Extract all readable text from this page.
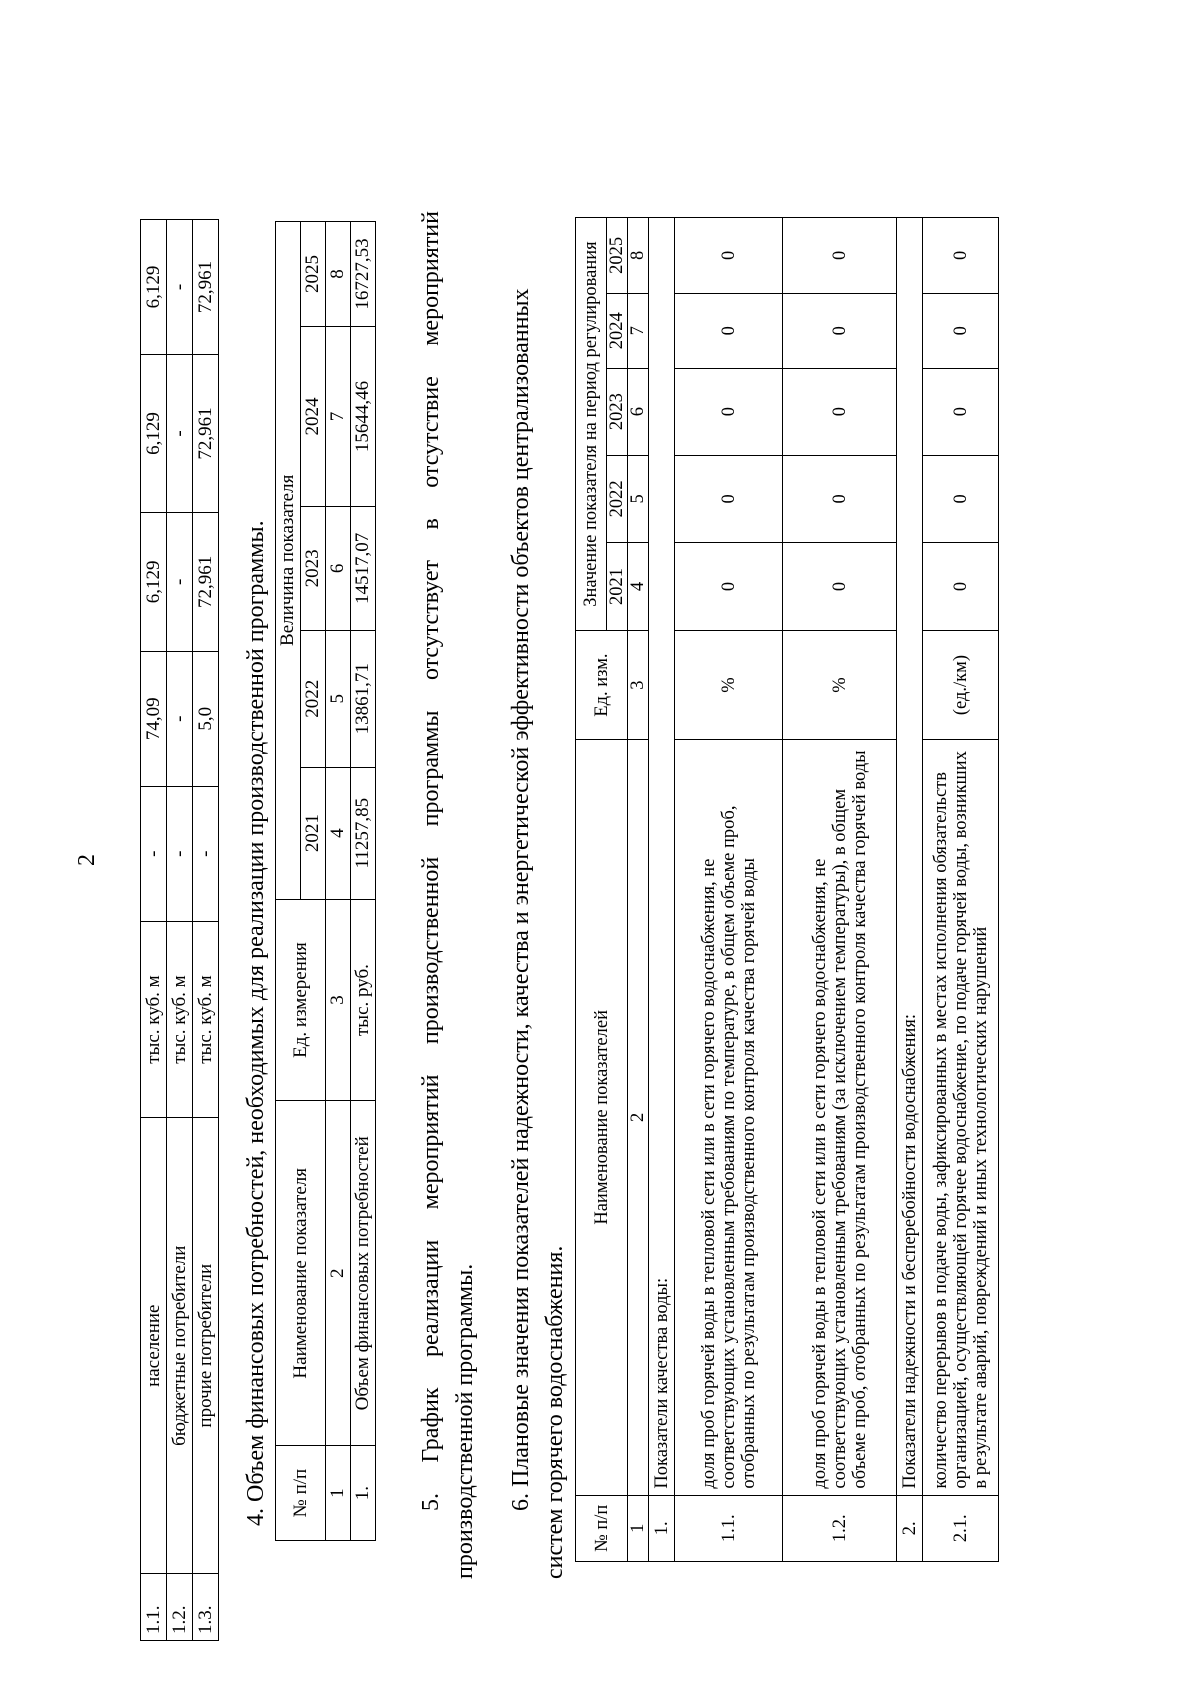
2
1.1.	население	тыс. куб. м	-	74,09	6,129	6,129	6,129
1.2.	бюджетные потребители	тыс. куб. м	-	-	-	-	-
1.3.	прочие потребители	тыс. куб. м	-	5,0	72,961	72,961	72,961
4. Объем финансовых потребностей, необходимых для реализации производственной программы. № п/п	Наименование показателя	Ед. измерения	Величина показателя				
			2021	2022	2023	2024	2025
1	2	3	4	5	6	7	8
1.	Объем финансовых потребностей	тыс. руб.	11257,85	13861,71	14517,07	15644,46	16727,53
5.
График
реализации
мероприятий
производственной
программы
отсутствует
в
отсутствие
мероприятий
производственной программы. 6. Плановые значения показателей надежности, качества и энергетической эффективности объектов централизованных систем горячего водоснабжения. № п/п	Наименование показателей	Ед. изм.	Значение показателя на период регулирования				
			2021	2022	2023	2024	2025
1	2	3	4	5	6	7	8
1.	Показатели качества воды:						
1.1.	доля проб горячей воды в тепловой сети или в сети горячего водоснабжения, не соответствующих установленным требованиям по температуре, в общем объеме проб, отобранных по результатам производственного контроля качества горячей воды	%	0	0	0	0	0
1.2.	доля проб горячей воды в тепловой сети или в сети горячего водоснабжения, не соответствующих установленным требованиям (за исключением температуры), в общем объеме проб, отобранных по результатам производственного контроля качества горячей воды	%	0	0	0	0	0
2.	Показатели надежности и бесперебойности водоснабжения:						
2.1.	количество перерывов в подаче воды, зафиксированных в местах исполнения обязательств организацией, осуществляющей горячее водоснабжение, по подаче горячей воды, возникших в результате аварий, повреждений и иных технологических нарушений	(ед./км)	0	0	0	0	0
